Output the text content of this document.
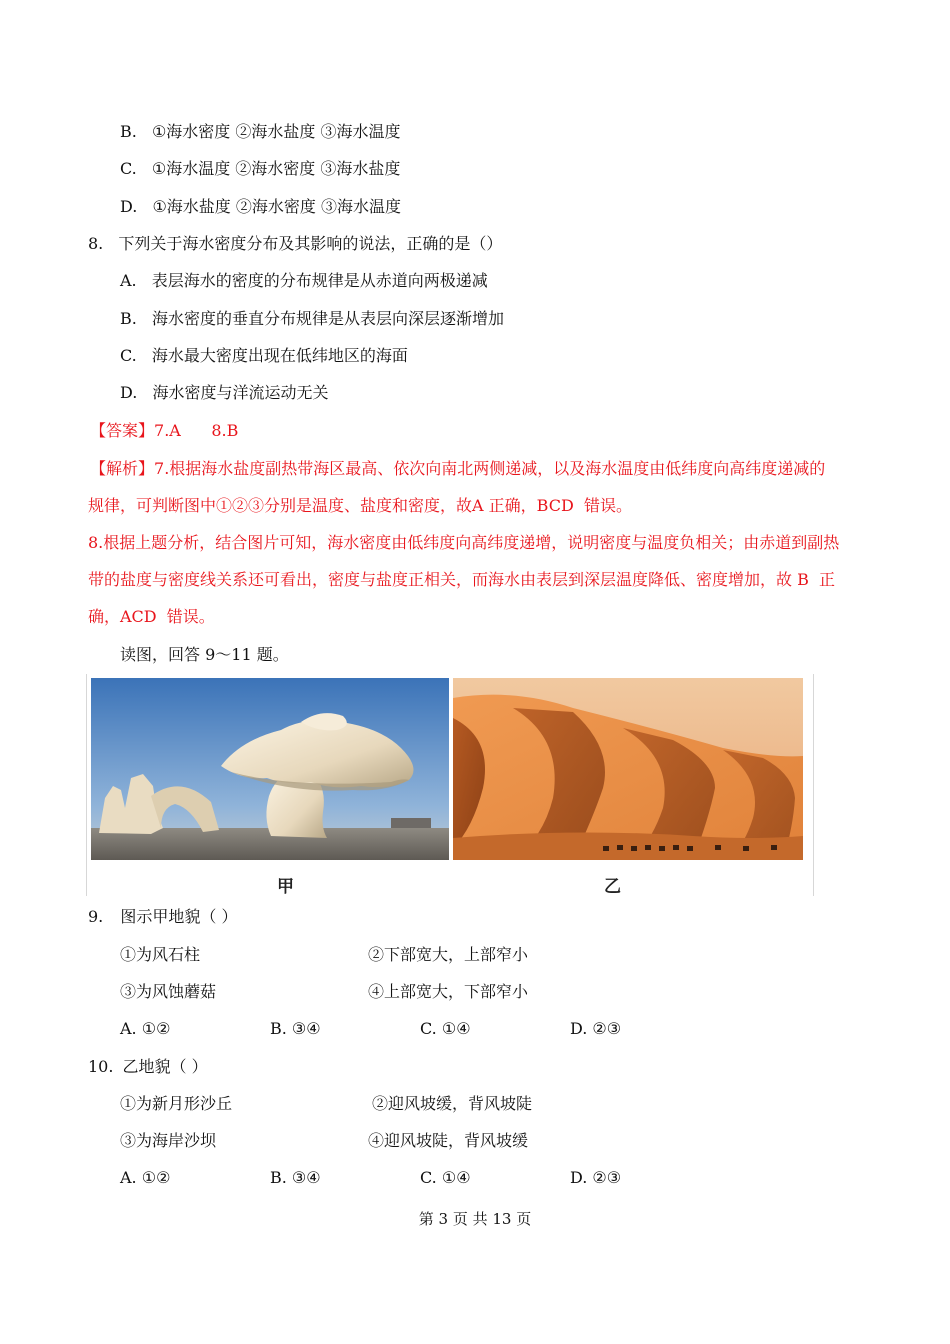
B. ①海水密度 ②海水盐度 ③海水温度
C. ①海水温度 ②海水密度 ③海水盐度
D. ①海水盐度 ②海水密度 ③海水温度
8. 下列关于海水密度分布及其影响的说法，正确的是（）
A. 表层海水的密度的分布规律是从赤道向两极递减
B. 海水密度的垂直分布规律是从表层向深层逐渐增加
C. 海水最大密度出现在低纬地区的海面
D. 海水密度与洋流运动无关
【答案】7.A      8.B
【解析】7.根据海水盐度副热带海区最高、依次向南北两侧递减，以及海水温度由低纬度向高纬度递减的
规律，可判断图中①②③分别是温度、盐度和密度，故A 正确，BCD  错误。
8.根据上题分析，结合图片可知，海水密度由低纬度向高纬度递增，说明密度与温度负相关；由赤道到副热
带的盐度与密度线关系还可看出，密度与盐度正相关，而海水由表层到深层温度降低、密度增加，故 B  正
确，ACD  错误。
读图，回答 9～11 题。
甲	乙
9. 图示甲地貌（ ）
①为风石柱	②下部宽大，上部窄小
③为风蚀蘑菇	④上部宽大，下部窄小
A. ①②	B. ③④	C. ①④	D. ②③
10. 乙地貌（ ）
①为新月形沙丘	②迎风坡缓，背风坡陡
③为海岸沙坝	④迎风坡陡，背风坡缓
A. ①②	B. ③④	C. ①④	D. ②③
第 3 页 共 13 页
